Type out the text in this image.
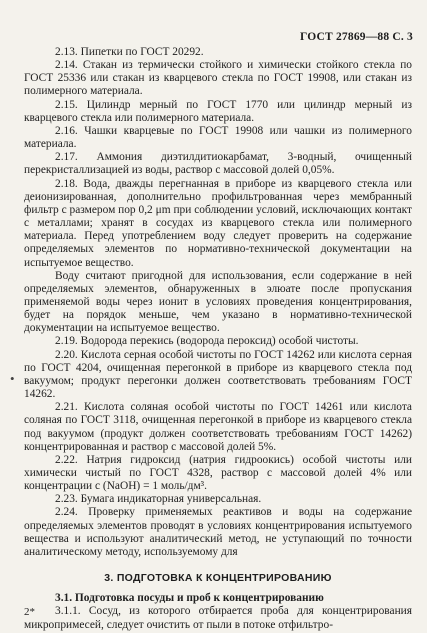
ГОСТ 27869—88 С. 3
•

2.13. Пипетки по ГОСТ 20292.

2.14. Стакан из термически стойкого и химически стойкого стекла по ГОСТ 25336 или стакан из кварцевого стекла по ГОСТ 19908, или стакан из полимерного материала.

2.15. Цилиндр мерный по ГОСТ 1770 или цилиндр мерный из кварцевого стекла или полимерного материала.

2.16. Чашки кварцевые по ГОСТ 19908 или чашки из полимерного материала.

2.17. Аммония диэтилдитиокарбамат, 3-водный, очищенный перекристаллизацией из воды, раствор с массовой долей 0,05%.

2.18. Вода, дважды перегнанная в приборе из кварцевого стекла или деионизированная, дополнительно профильтрованная через мембранный фильтр с размером пор 0,2 μm при соблюдении условий, исключающих контакт с металлами; хранят в сосудах из кварцевого стекла или полимерного материала. Перед употреблением воду следует проверить на содержание определяемых элементов по нормативно-технической документации на испытуемое вещество.

Воду считают пригодной для использования, если содержание в ней определяемых элементов, обнаруженных в элюате после пропускания применяемой воды через ионит в условиях проведения концентрирования, будет на порядок меньше, чем указано в нормативно-технической документации на испытуемое вещество.

2.19. Водорода перекись (водорода пероксид) особой чистоты.

2.20. Кислота серная особой чистоты по ГОСТ 14262 или кислота серная по ГОСТ 4204, очищенная перегонкой в приборе из кварцевого стекла под вакуумом; продукт перегонки должен соответствовать требованиям ГОСТ 14262.

2.21. Кислота соляная особой чистоты по ГОСТ 14261 или кислота соляная по ГОСТ 3118, очищенная перегонкой в приборе из кварцевого стекла под вакуумом (продукт должен соответствовать требованиям ГОСТ 14262) концентрированная и раствор с массовой долей 5%.

2.22. Натрия гидроксид (натрия гидроокись) особой чистоты или химически чистый по ГОСТ 4328, раствор с массовой долей 4% или концентрации с (NaOH) = 1 моль/дм³.

2.23. Бумага индикаторная универсальная.

2.24. Проверку применяемых реактивов и воды на содержание определяемых элементов проводят в условиях концентрирования испытуемого вещества и используют аналитический метод, не уступающий по точности аналитическому методу, используемому для

3. ПОДГОТОВКА К КОНЦЕНТРИРОВАНИЮ

3.1. Подготовка посуды и проб к концентрированию

3.1.1. Сосуд, из которого отбирается проба для концентрирования микропримесей, следует очистить от пыли в потоке отфильтро-

2*
